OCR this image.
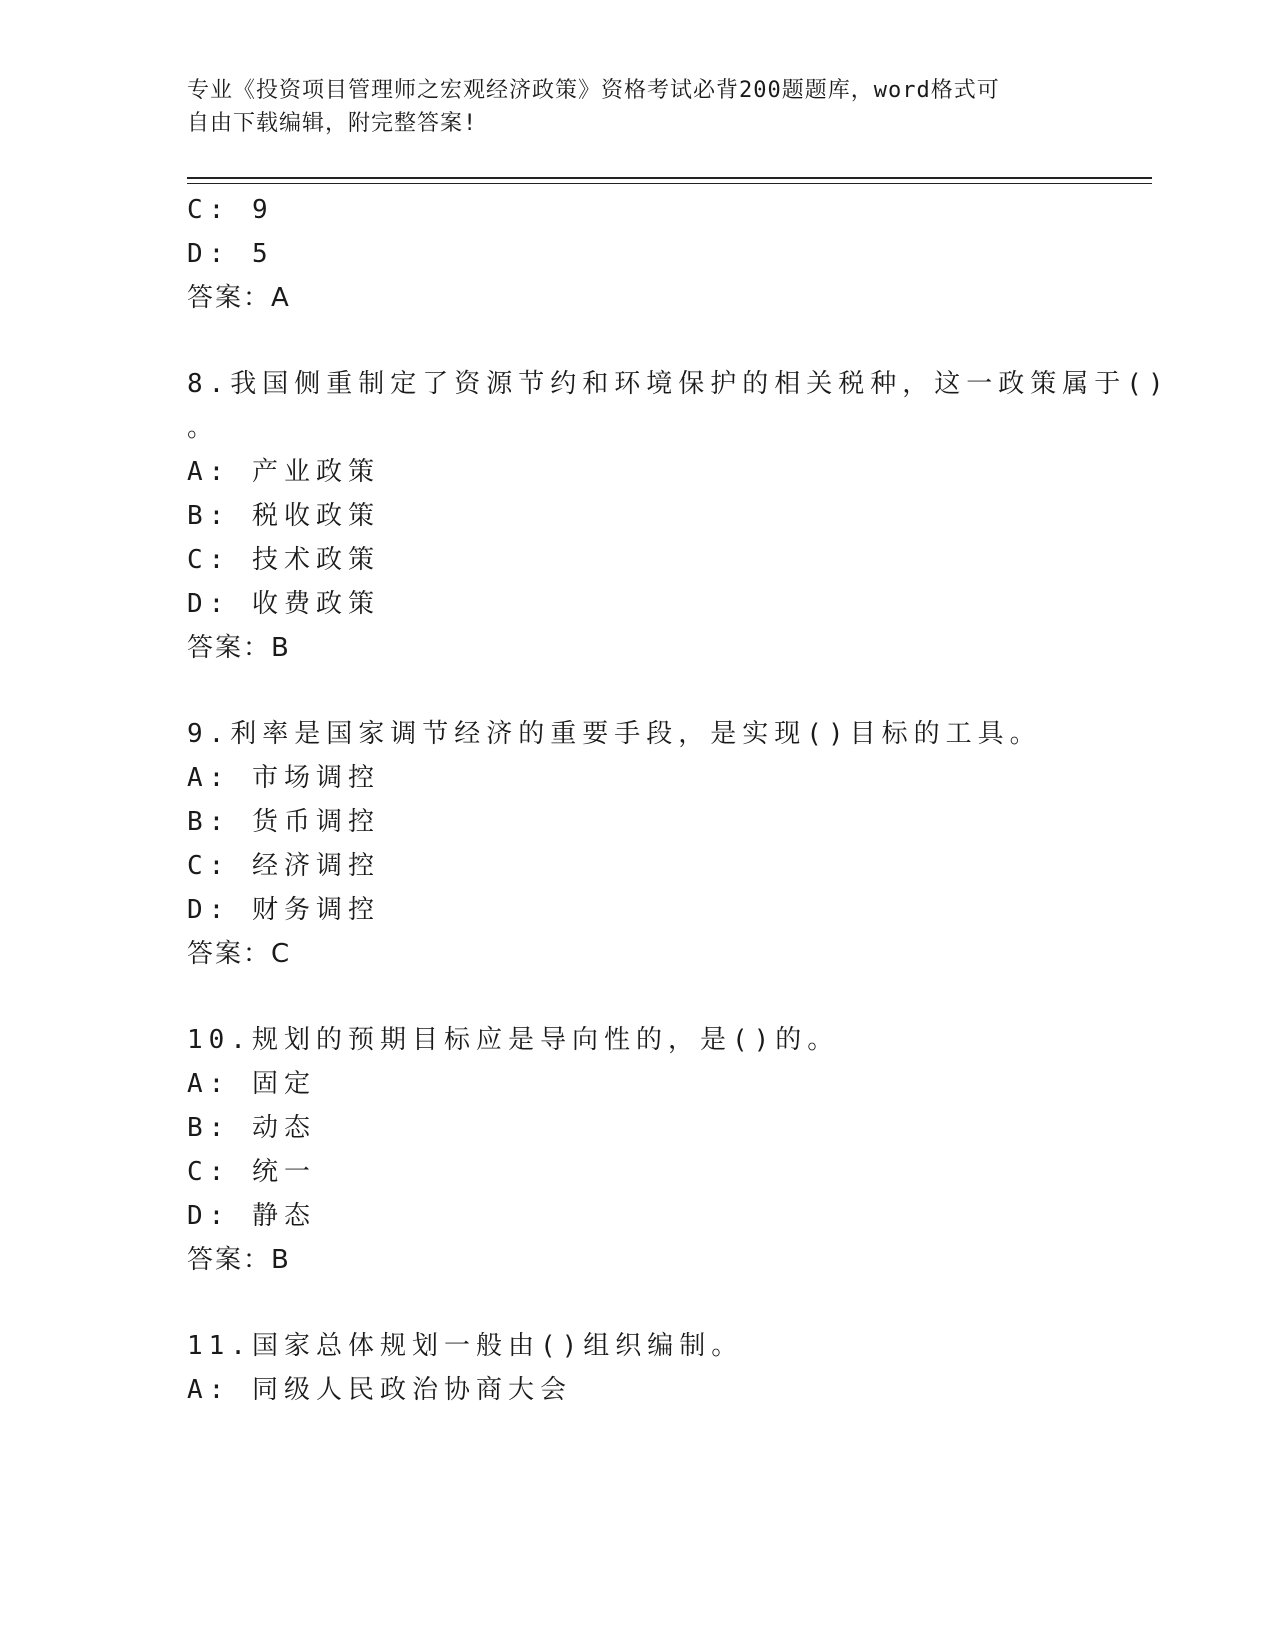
专业《投资项目管理师之宏观经济政策》资格考试必背200题题库，word格式可
自由下载编辑，附完整答案!
C: 9
D: 5
答案：A
8.我国侧重制定了资源节约和环境保护的相关税种，这一政策属于()
。
A: 产业政策
B: 税收政策
C: 技术政策
D: 收费政策
答案：B
9.利率是国家调节经济的重要手段，是实现()目标的工具。
A: 市场调控
B: 货币调控
C: 经济调控
D: 财务调控
答案：C
10.规划的预期目标应是导向性的，是()的。
A: 固定
B: 动态
C: 统一
D: 静态
答案：B
11.国家总体规划一般由()组织编制。
A: 同级人民政治协商大会
